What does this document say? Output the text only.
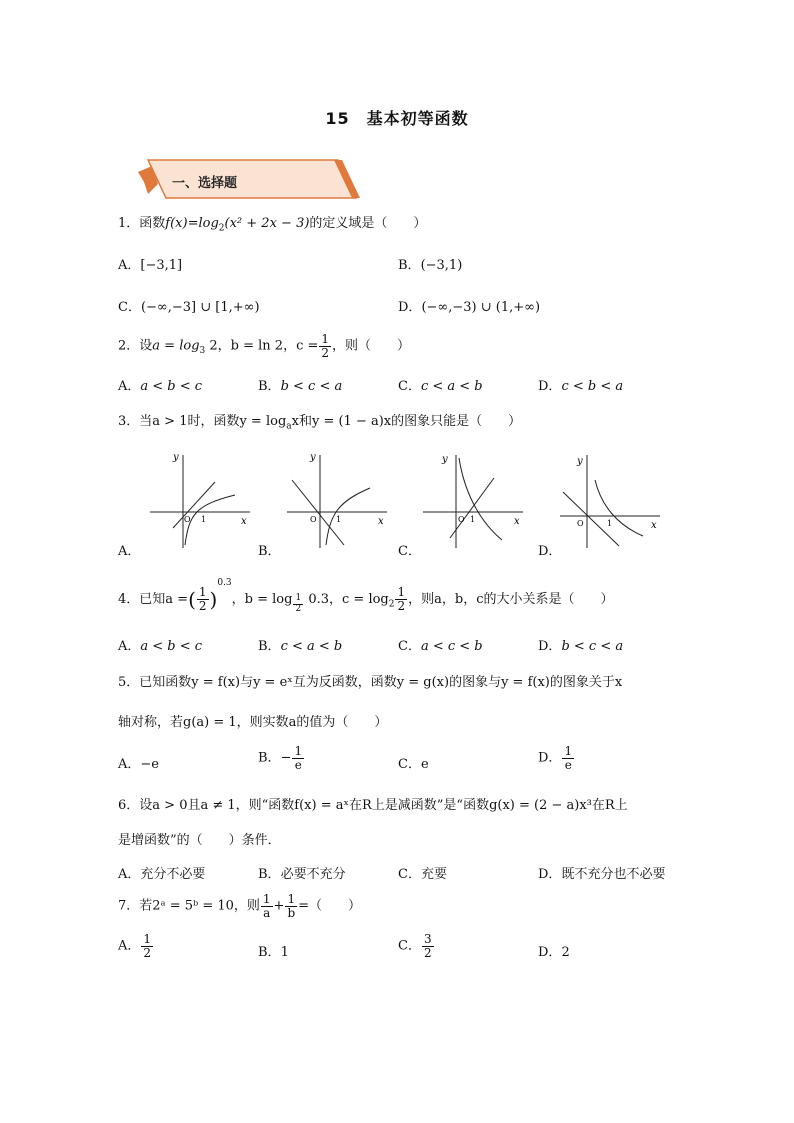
15　基本初等函数
一、选择题
1．函数$f(x)=\log_2(x^2 + 2x - 3)$的定义域是（　　）
A．[−3,1]	B．(−3,1)
C．(−∞,−3] ∪ [1,+∞)	D．(−∞,−3) ∪ (1,+∞)
2．设$a = \log_3 2$，b = ln 2，$c = \frac{1}{2}$ ，则（　　）
A．a < b < c	B．b < c < a	C．c < a < b	D．c < b < a
3．当a > 1时，函数$y = \log_ax$和y = (1 − a)x的图象只能是（　　）
y
x
O 1
y
x
O 1
y
x
O 1
y
x
O	1
A．	B．	C．	D．
4．已知a =( $\frac{1}{2} )^{0.3}$，b = log $_{\frac{1}{2}}$ 0.3，$c = \log_2 \frac{1}{2}$ ，则a，b，c的大小关系是（　　）
A．a < b < c	B．c < a < b	C．a < c < b	D．b < c < a
5．已知函数y = f(x)与y = eˣ互为反函数，函数y = g(x)的图象与y = f(x)的图象关于x
轴对称，若g(a) = 1，则实数a的值为（　　）
A．−e	B．− $\frac{1}{e}$	C．e	D． $\frac{1}{e}$
6．设a > 0且a ≠ 1，则“函数f(x) = aˣ在R上是减函数”是“函数g(x) = (2 − a)x³在R上
是增函数”的（　　）条件．
A．充分不必要	B．必要不充分	C．充要	D．既不充分也不必要
7．若2ᵃ = 5ᵇ = 10，则 $\frac{1}{a} + \frac{1}{b}$ =（　　）
A． $\frac{1}{2}$	B．1	C． $\frac{3}{2}$	D．2
